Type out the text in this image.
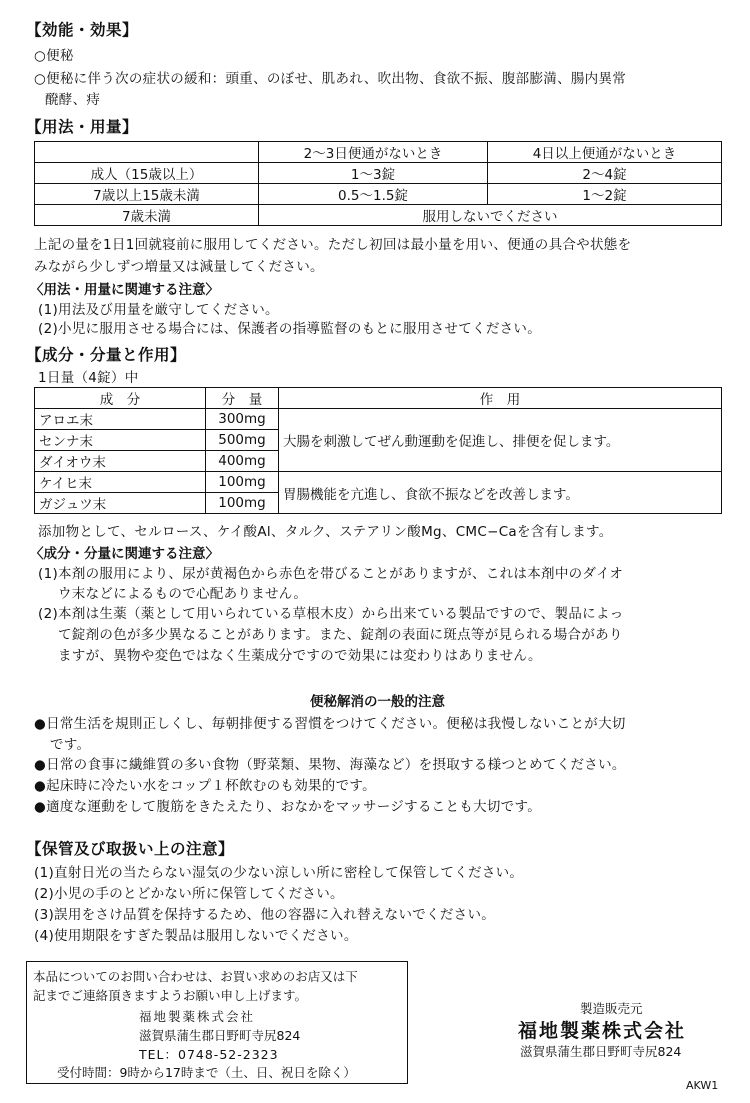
【効能・効果】
○便秘
○便秘に伴う次の症状の緩和：頭重、のぼせ、肌あれ、吹出物、食欲不振、腹部膨満、腸内異常
醗酵、痔
【用法・用量】
	2〜3日便通がないとき	4日以上便通がないとき
成人（15歳以上）	1〜3錠	2〜4錠
7歳以上15歳未満	0.5〜1.5錠	1〜2錠
7歳未満	服用しないでください	
上記の量を1日1回就寝前に服用してください。ただし初回は最小量を用い、便通の具合や状態を
みながら少しずつ増量又は減量してください。
〈用法・用量に関連する注意〉
(1)用法及び用量を厳守してください。
(2)小児に服用させる場合には、保護者の指導監督のもとに服用させてください。
【成分・分量と作用】
1日量（4錠）中
成　分	分　量	作　用
アロエ末	300mg	大腸を刺激してぜん動運動を促進し、排便を促します。
センナ末	500mg	
ダイオウ末	400mg	
ケイヒ末	100mg	胃腸機能を亢進し、食欲不振などを改善します。
ガジュツ末	100mg	
添加物として、セルロース、ケイ酸Al、タルク、ステアリン酸Mg、CMC−Caを含有します。
〈成分・分量に関連する注意〉
(1)本剤の服用により、尿が黄褐色から赤色を帯びることがありますが、これは本剤中のダイオ
ウ末などによるもので心配ありません。
(2)本剤は生薬（薬として用いられている草根木皮）から出来ている製品ですので、製品によっ
て錠剤の色が多少異なることがあります。また、錠剤の表面に斑点等が見られる場合があり
ますが、異物や変色ではなく生薬成分ですので効果には変わりはありません。
便秘解消の一般的注意
●日常生活を規則正しくし、毎朝排便する習慣をつけてください。便秘は我慢しないことが大切
です。
●日常の食事に繊維質の多い食物（野菜類、果物、海藻など）を摂取する様つとめてください。
●起床時に冷たい水をコップ１杯飲むのも効果的です。
●適度な運動をして腹筋をきたえたり、おなかをマッサージすることも大切です。
【保管及び取扱い上の注意】
(1)直射日光の当たらない湿気の少ない涼しい所に密栓して保管してください。
(2)小児の手のとどかない所に保管してください。
(3)誤用をさけ品質を保持するため、他の容器に入れ替えないでください。
(4)使用期限をすぎた製品は服用しないでください。
本品についてのお問い合わせは、お買い求めのお店又は下
記までご連絡頂きますようお願い申し上げます。
福地製薬株式会社
滋賀県蒲生郡日野町寺尻824
TEL：0748-52-2323
受付時間：9時から17時まで（土、日、祝日を除く）
製造販売元
福地製薬株式会社
滋賀県蒲生郡日野町寺尻824
AKW1
